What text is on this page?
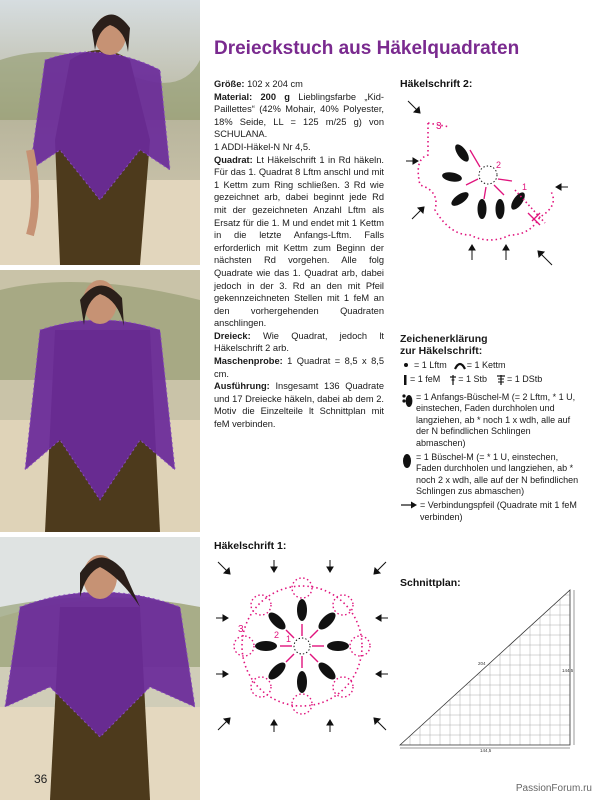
36
Dreieckstuch aus Häkelquadraten

Größe: 102 x 204 cm

Material: 200 g Lieblingsfarbe „Kid-Paillettes“ (42% Mohair, 40% Polyester, 18% Seide, LL = 125 m/25 g) von SCHULANA.

1 ADDI-Häkel-N Nr 4,5.

Quadrat: Lt Häkelschrift 1 in Rd häkeln. Für das 1. Quadrat 8 Lftm anschl und mit 1 Kettm zum Ring schließen. 3 Rd wie gezeichnet arb, dabei beginnt jede Rd mit der gezeichneten Anzahl Lftm als Ersatz für die 1. M und endet mit 1 Kettm in die letzte Anfangs-Lftm. Falls erforderlich mit Kettm zum Beginn der nächsten Rd vorgehen. Alle folg Quadrate wie das 1. Quadrat arb, dabei jedoch in der 3. Rd an den mit Pfeil gekennzeichneten Stellen mit 1 feM an den vorhergehenden Quadraten anschlingen.

Dreieck: Wie Quadrat, jedoch lt Häkelschrift 2 arb.

Maschenprobe: 1 Quadrat = 8,5 x 8,5 cm.

Ausführung: Insgesamt 136 Quadrate und 17 Dreiecke häkeln, dabei ab dem 2. Motiv die Einzelteile lt Schnittplan mit feM verbinden.

Häkelschrift 2:
3
2
1
Zeichenerklärung
zur Häkelschrift:
= 1 Lftm = 1 Kettm
= 1 feM = 1 Stb = 1 DStb
= 1 Anfangs-Büschel-M (= 2 Lftm, * 1 U, einstechen, Faden durchholen und langziehen, ab * noch 1 x wdh, alle auf der N befindlichen Schlingen abmaschen)
= 1 Büschel-M (= * 1 U, einstechen, Faden durchholen und langziehen, ab * noch 2 x wdh, alle auf der N befindlichen Schlingen zus abmaschen)
= Verbindungspfeil (Quadrate mit 1 feM verbinden)
Häkelschrift 1:
3	2 1
Schnittplan:
204
144,5
144,5
PassionForum.ru
